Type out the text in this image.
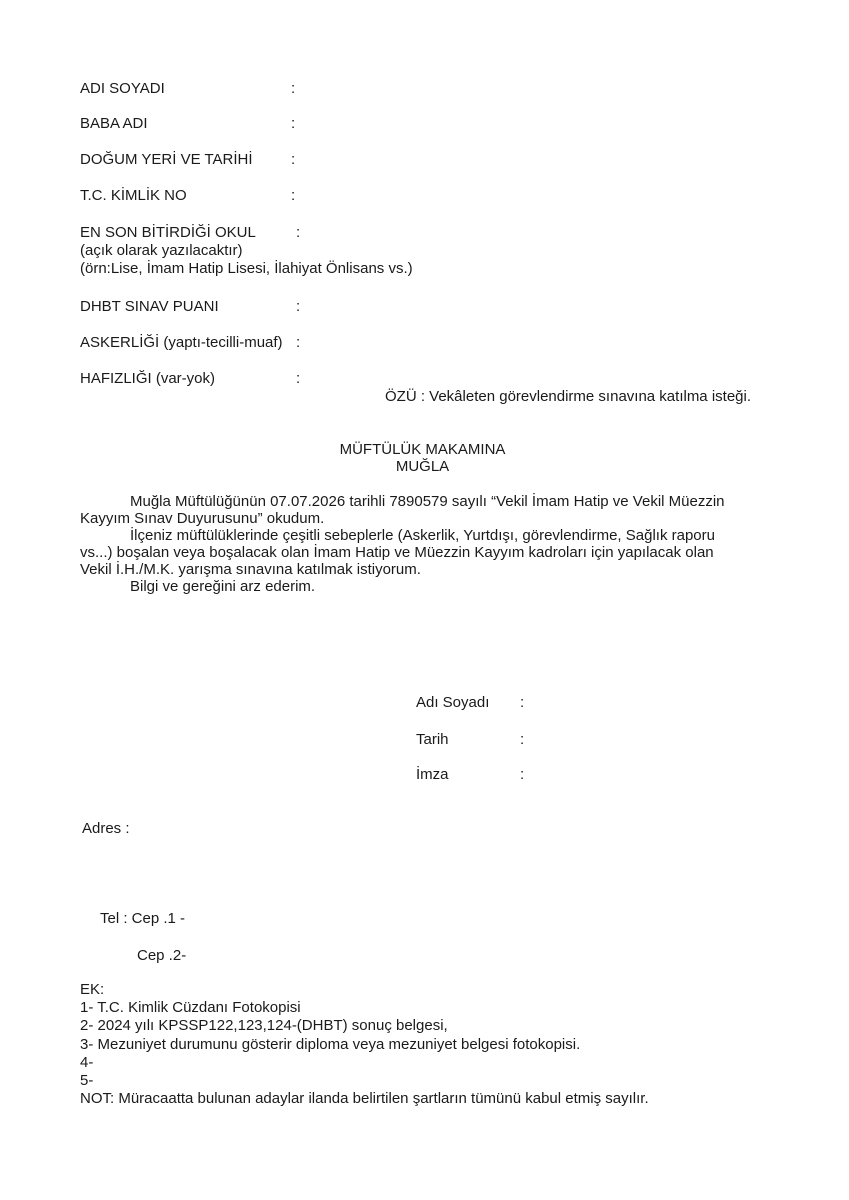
ADI SOYADI	:
BABA ADI	:
DOĞUM YERİ VE TARİHİ	:
T.C. KİMLİK NO	:
EN SON BİTİRDİĞİ OKUL	:
(açık olarak yazılacaktır)
(örn:Lise, İmam Hatip Lisesi, İlahiyat Önlisans vs.)
DHBT SINAV PUANI	:
ASKERLİĞİ (yaptı-tecilli-muaf) :
HAFIZLIĞI (var-yok)	:
ÖZÜ : Vekâleten görevlendirme sınavına katılma isteği.
MÜFTÜLÜK MAKAMINA
MUĞLA
Muğla Müftülüğünün 07.07.2026 tarihli 7890579 sayılı “Vekil İmam Hatip ve Vekil Müezzin
Kayyım Sınav Duyurusunu” okudum.
İlçeniz müftülüklerinde çeşitli sebeplerle (Askerlik, Yurtdışı, görevlendirme, Sağlık raporu
vs...) boşalan veya boşalacak olan İmam Hatip ve Müezzin Kayyım kadroları için yapılacak olan
Vekil İ.H./M.K. yarışma sınavına katılmak istiyorum.
Bilgi ve gereğini arz ederim.
Adı Soyadı :
Tarih	:
İmza	:
Adres :
Tel : Cep .1 -
Cep .2-
EK:
1- T.C. Kimlik Cüzdanı Fotokopisi
2- 2024 yılı KPSSP122,123,124-(DHBT) sonuç belgesi,
3- Mezuniyet durumunu gösterir diploma veya mezuniyet belgesi fotokopisi.
4-
5-
NOT: Müracaatta bulunan adaylar ilanda belirtilen şartların tümünü kabul etmiş sayılır.
